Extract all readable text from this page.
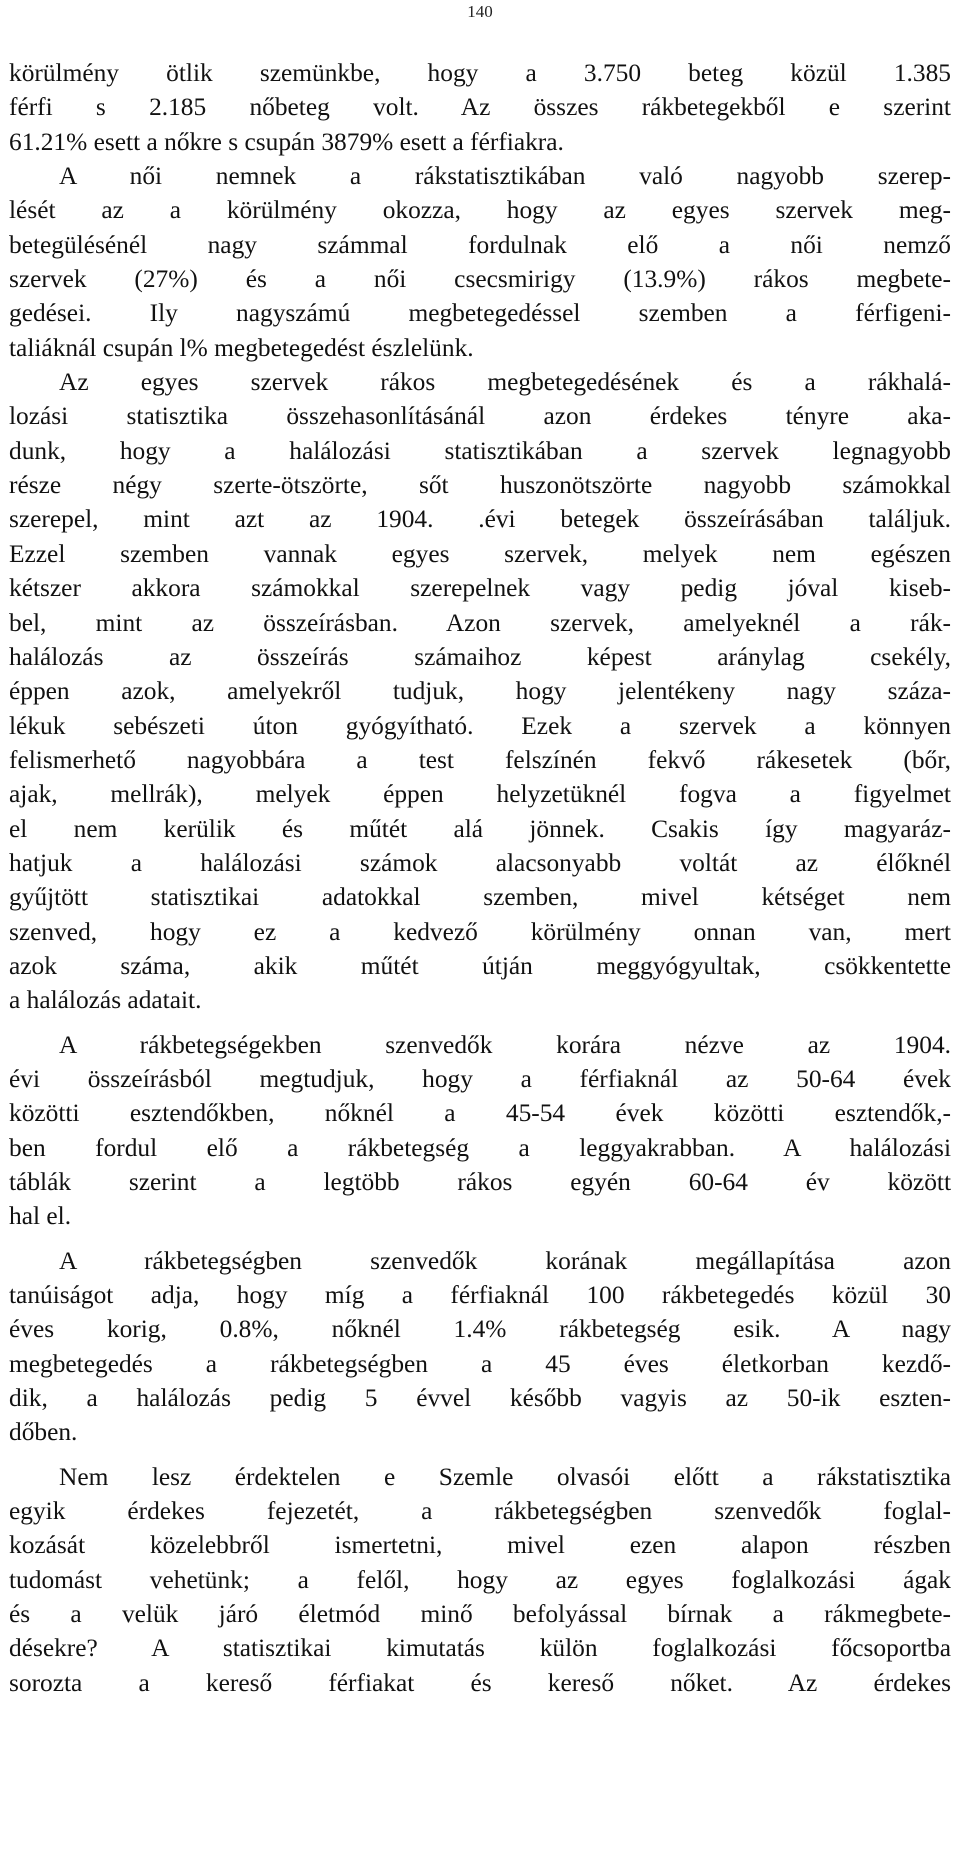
140
körülmény ötlik szemünkbe, hogy a 3.750 beteg közül 1.385
férfi s 2.185 nőbeteg volt. Az összes rákbetegekből e szerint
61.21% esett a nőkre s csupán 3879% esett a férfiakra.
A női nemnek a rákstatisztikában való nagyobb szerep-
lését az a körülmény okozza, hogy az egyes szervek meg-
betegülésénél nagy számmal fordulnak elő a női nemző
szervek (27%) és a női csecsmirigy (13.9%) rákos megbete-
gedései. Ily nagyszámú megbetegedéssel szemben a férfigeni-
taliáknál csupán l% megbetegedést észlelünk.
Az egyes szervek rákos megbetegedésének és a rákhalá-
lozási statisztika összehasonlításánál azon érdekes tényre aka-
dunk, hogy a halálozási statisztikában a szervek legnagyobb
része négy szerte-ötszörte, sőt huszonötszörte nagyobb számokkal
szerepel, mint azt az 1904. .évi betegek összeírásában találjuk.
Ezzel szemben vannak egyes szervek, melyek nem egészen
kétszer akkora számokkal szerepelnek vagy pedig jóval kiseb-
bel, mint az összeírásban. Azon szervek, amelyeknél a rák-
halálozás az összeírás számaihoz képest aránylag csekély,
éppen azok, amelyekről tudjuk, hogy jelentékeny nagy száza-
lékuk sebészeti úton gyógyítható. Ezek a szervek a könnyen
felismerhető nagyobbára a test felszínén fekvő rákesetek (bőr,
ajak, mellrák), melyek éppen helyzetüknél fogva a figyelmet
el nem kerülik és műtét alá jönnek. Csakis így magyaráz-
hatjuk a halálozási számok alacsonyabb voltát az élőknél
gyűjtött statisztikai adatokkal szemben, mivel kétséget nem
szenved, hogy ez a kedvező körülmény onnan van, mert
azok száma, akik műtét útján meggyógyultak, csökkentette
a halálozás adatait.
A rákbetegségekben szenvedők korára nézve az 1904.
évi összeírásból megtudjuk, hogy a férfiaknál az 50-64 évek
közötti esztendőkben, nőknél a 45-54 évek közötti esztendők,-
ben fordul elő a rákbetegség a leggyakrabban. A halálozási
táblák szerint a legtöbb rákos egyén 60-64 év között
hal el.
A rákbetegségben szenvedők korának megállapítása azon
tanúiságot adja, hogy míg a férfiaknál 100 rákbetegedés közül 30
éves korig, 0.8%, nőknél 1.4% rákbetegség esik. A nagy
megbetegedés a rákbetegségben a 45 éves életkorban kezdő-
dik, a halálozás pedig 5 évvel később vagyis az 50-ik eszten-
dőben.
Nem lesz érdektelen e Szemle olvasói előtt a rákstatisztika
egyik érdekes fejezetét, a rákbetegségben szenvedők foglal-
kozását közelebbről ismertetni, mivel ezen alapon részben
tudomást vehetünk; a felől, hogy az egyes foglalkozási ágak
és a velük járó életmód minő befolyással bírnak a rákmegbete-
désekre? A statisztikai kimutatás külön foglalkozási főcsoportba
sorozta a kereső férfiakat és kereső nőket. Az érdekes
